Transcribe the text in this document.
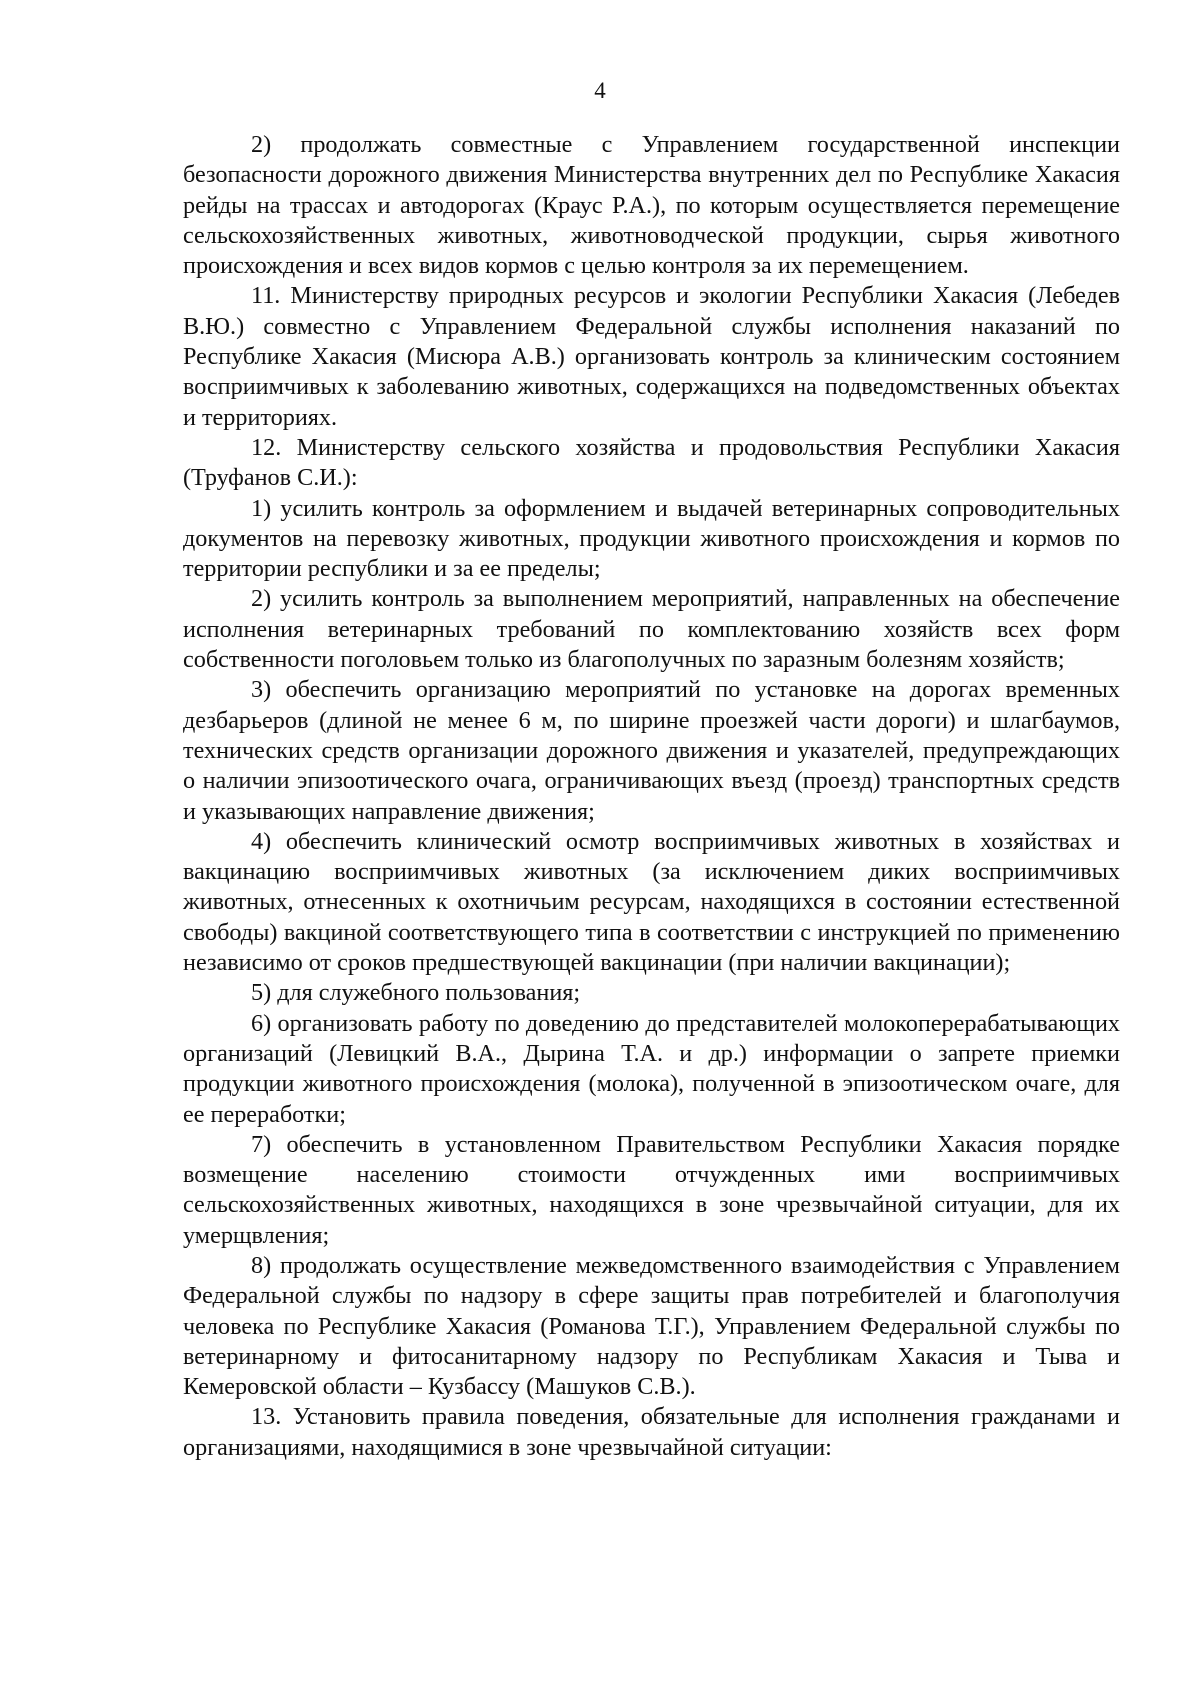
4

2) продолжать совместные с Управлением государственной инспекции безопасности дорожного движения Министерства внутренних дел по Республике Хакасия рейды на трассах и автодорогах (Краус Р.А.), по которым осуществляется перемещение сельскохозяйственных животных, животноводческой продукции, сырья животного происхождения и всех видов кормов с целью контроля за их перемещением.

11. Министерству природных ресурсов и экологии Республики Хакасия (Лебедев В.Ю.) совместно с Управлением Федеральной службы исполнения наказаний по Республике Хакасия (Мисюра А.В.) организовать контроль за клиническим состоянием восприимчивых к заболеванию животных, содержащихся на подведомственных объектах и территориях.

12. Министерству сельского хозяйства и продовольствия Республики Хакасия (Труфанов С.И.):

1) усилить контроль за оформлением и выдачей ветеринарных сопроводительных документов на перевозку животных, продукции животного происхождения и кормов по территории республики и за ее пределы;

2) усилить контроль за выполнением мероприятий, направленных на обеспечение исполнения ветеринарных требований по комплектованию хозяйств всех форм собственности поголовьем только из благополучных по заразным болезням хозяйств;

3) обеспечить организацию мероприятий по установке на дорогах временных дезбарьеров (длиной не менее 6 м, по ширине проезжей части дороги) и шлагбаумов, технических средств организации дорожного движения и указателей, предупреждающих о наличии эпизоотического очага, ограничивающих въезд (проезд) транспортных средств и указывающих направление движения;

4) обеспечить клинический осмотр восприимчивых животных в хозяйствах и вакцинацию восприимчивых животных (за исключением диких восприимчивых животных, отнесенных к охотничьим ресурсам, находящихся в состоянии естественной свободы) вакциной соответствующего типа в соответствии с инструкцией по применению независимо от сроков предшествующей вакцинации (при наличии вакцинации);

5) для служебного пользования;

6) организовать работу по доведению до представителей молокоперерабатывающих организаций (Левицкий В.А., Дырина Т.А. и др.) информации о запрете приемки продукции животного происхождения (молока), полученной в эпизоотическом очаге, для ее переработки;

7) обеспечить в установленном Правительством Республики Хакасия порядке возмещение населению стоимости отчужденных ими восприимчивых сельскохозяйственных животных, находящихся в зоне чрезвычайной ситуации, для их умерщвления;

8) продолжать осуществление межведомственного взаимодействия с Управлением Федеральной службы по надзору в сфере защиты прав потребителей и благополучия человека по Республике Хакасия (Романова Т.Г.), Управлением Федеральной службы по ветеринарному и фитосанитарному надзору по Республикам Хакасия и Тыва и Кемеровской области – Кузбассу (Машуков С.В.).

13. Установить правила поведения, обязательные для исполнения гражданами и организациями, находящимися в зоне чрезвычайной ситуации:
